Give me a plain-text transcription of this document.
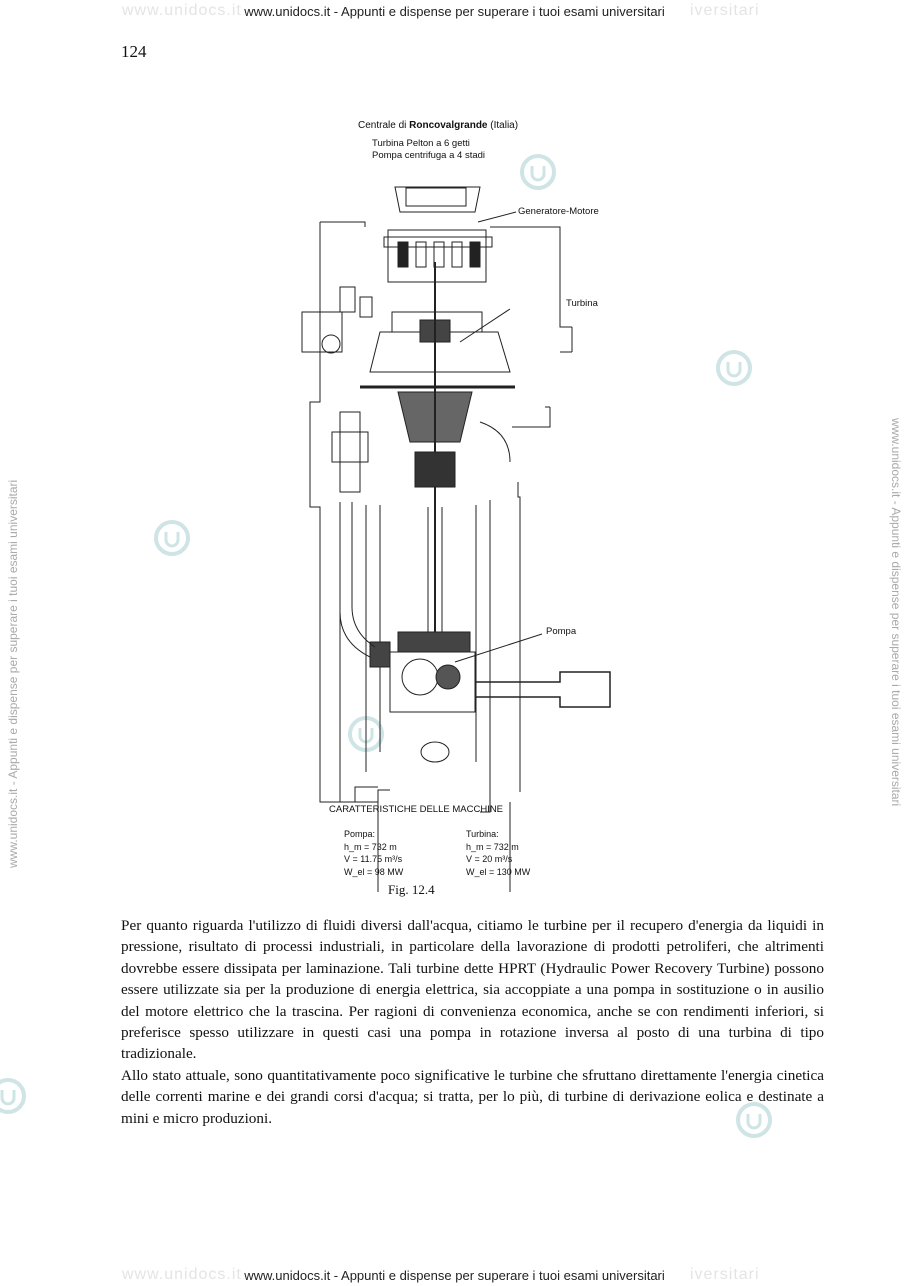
www.unidocs.it	iversitari
www.unidocs.it	iversitari
www.unidocs.it - Appunti e dispense per superare i tuoi esami universitari
www.unidocs.it - Appunti e dispense per superare i tuoi esami universitari
www.unidocs.it - Appunti e dispense per superare i tuoi esami universitari	www.unidocs.it - Appunti e dispense per superare i tuoi esami universitari
124
Centrale di Roncovalgrande (Italia)
Turbina Pelton a 6 getti
Pompa centrifuga a 4 stadi
Generatore-Motore
Turbina
Pompa
CARATTERISTICHE DELLE MACCHINE
Pompa:
h_m = 732 m
V = 11.75 m³/s
W_el = 98 MW
Turbina:
h_m = 732 m
V = 20 m³/s
W_el = 130 MW
Fig. 12.4

Per quanto riguarda l'utilizzo di fluidi diversi dall'acqua, citiamo le turbine per il recupero d'energia da liquidi in pressione, risultato di processi industriali, in particolare della lavorazione di prodotti petroliferi, che altrimenti dovrebbe essere dissipata per laminazione. Tali turbine dette HPRT (Hydraulic Power Recovery Turbine) possono essere utilizzate sia per la produzione di energia elettrica, sia accoppiate a una pompa in sostituzione o in ausilio del motore elettrico che la trascina. Per ragioni di convenienza economica, anche se con rendimenti inferiori, si preferisce spesso utilizzare in questi casi una pompa in rotazione inversa al posto di una turbina di tipo tradizionale.

Allo stato attuale, sono quantitativamente poco significative le turbine che sfruttano direttamente l'energia cinetica delle correnti marine e dei grandi corsi d'acqua; si tratta, per lo più, di turbine di derivazione eolica e destinate a mini e micro produzioni.
